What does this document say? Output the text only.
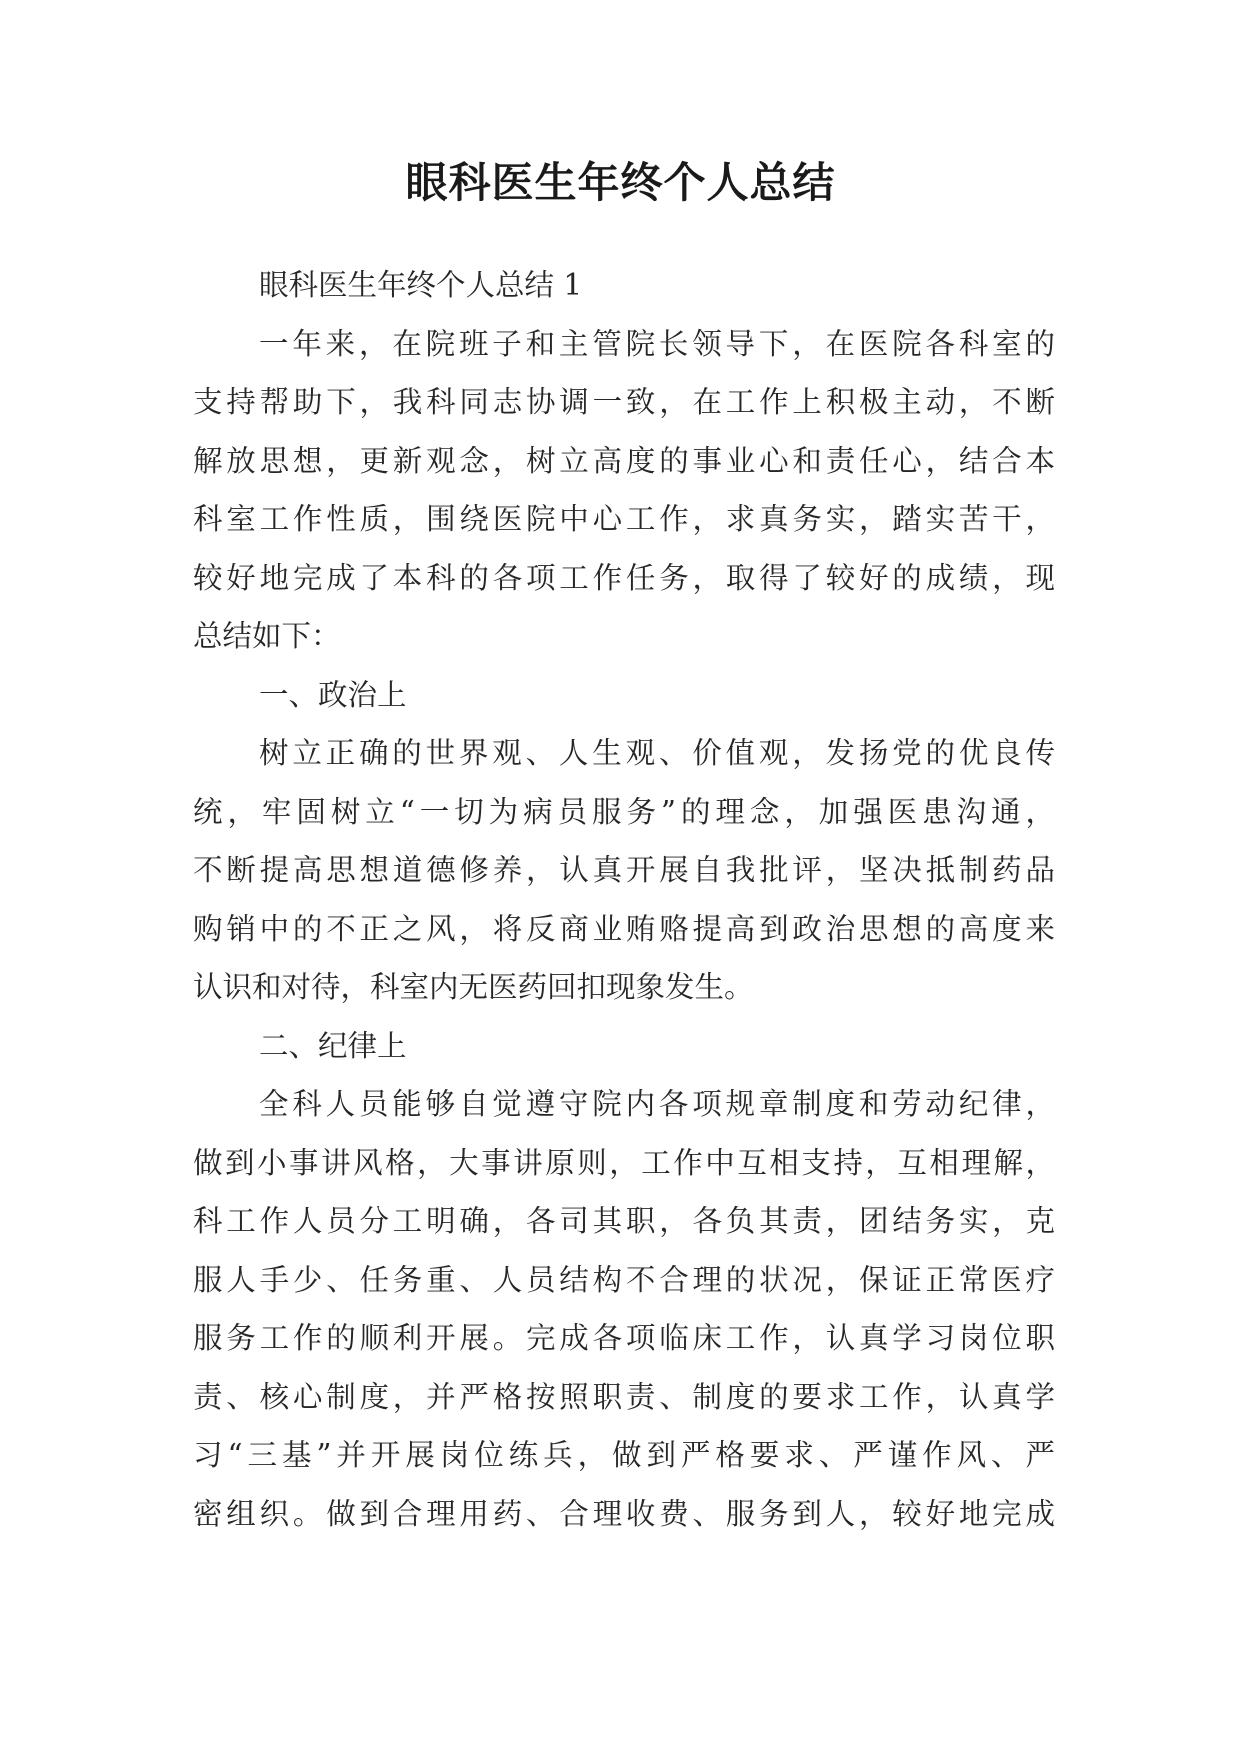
眼科医生年终个人总结
眼科医生年终个人总结 1
一年来，在院班子和主管院长领导下，在医院各科室的
支持帮助下，我科同志协调一致，在工作上积极主动，不断
解放思想，更新观念，树立高度的事业心和责任心，结合本
科室工作性质，围绕医院中心工作，求真务实，踏实苦干，
较好地完成了本科的各项工作任务，取得了较好的成绩，现
总结如下：
一、政治上
树立正确的世界观、人生观、价值观，发扬党的优良传
统，牢固树立“一切为病员服务”的理念，加强医患沟通，
不断提高思想道德修养，认真开展自我批评，坚决抵制药品
购销中的不正之风，将反商业贿赂提高到政治思想的高度来
认识和对待，科室内无医药回扣现象发生。
二、纪律上
全科人员能够自觉遵守院内各项规章制度和劳动纪律，
做到小事讲风格，大事讲原则，工作中互相支持，互相理解，
科工作人员分工明确，各司其职，各负其责，团结务实，克
服人手少、任务重、人员结构不合理的状况，保证正常医疗
服务工作的顺利开展。完成各项临床工作，认真学习岗位职
责、核心制度，并严格按照职责、制度的要求工作，认真学
习“三基”并开展岗位练兵，做到严格要求、严谨作风、严
密组织。做到合理用药、合理收费、服务到人，较好地完成
